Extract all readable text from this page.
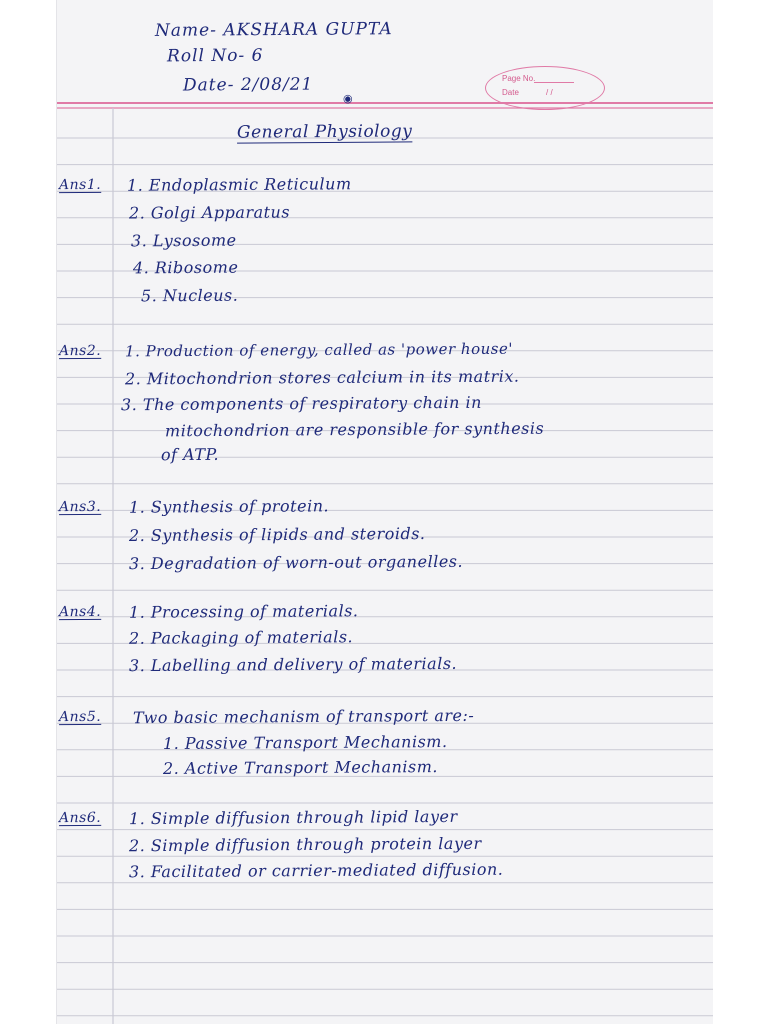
Name- AKSHARA GUPTA
Roll No- 6
Date- 2/08/21	Page No.
Date	/ /
◉
General Physiology
Ans1. 1. Endoplasmic Reticulum
2. Golgi Apparatus
3. Lysosome
4. Ribosome
5. Nucleus.
Ans2. 1. Production of energy, called as 'power house'
2. Mitochondrion stores calcium in its matrix.
3. The components of respiratory chain in
mitochondrion are responsible for synthesis
of ATP.
Ans3. 1. Synthesis of protein.
2. Synthesis of lipids and steroids.
3. Degradation of worn-out organelles.
Ans4. 1. Processing of materials.
2. Packaging of materials.
3. Labelling and delivery of materials.
Ans5. Two basic mechanism of transport are:-
1. Passive Transport Mechanism.
2. Active Transport Mechanism.
Ans6. 1. Simple diffusion through lipid layer
2. Simple diffusion through protein layer
3. Facilitated or carrier-mediated diffusion.
